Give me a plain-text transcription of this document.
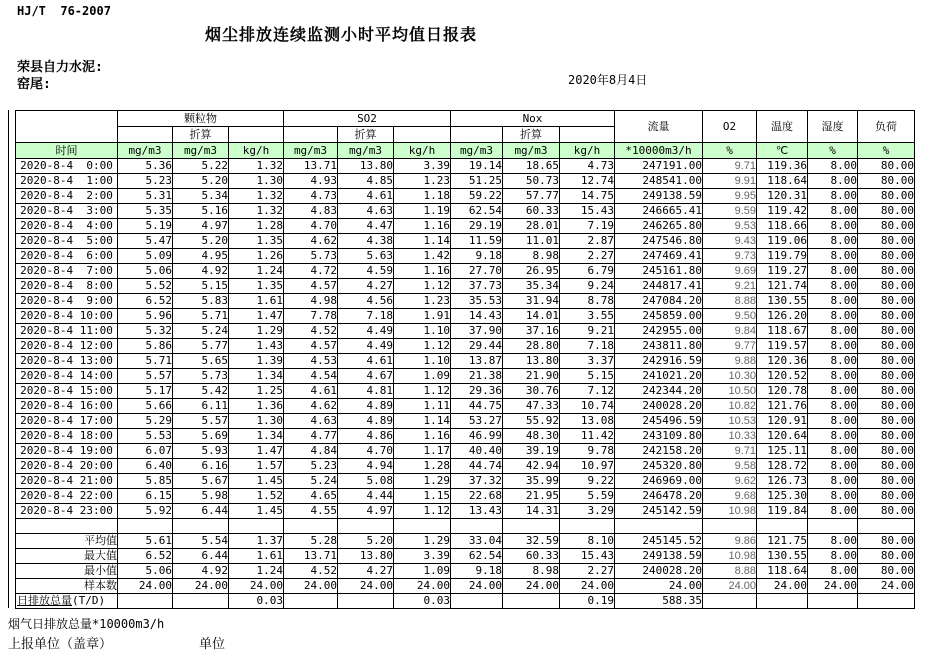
HJ/T  76-2007
烟尘排放连续监测小时平均值日报表
荣县自力水泥:
窑尾:	2020年8月4日
	颗粒物			SO2			Nox			流量	O2	温度	湿度	负荷
		折算			折算			折算						
时间	mg/m3	mg/m3	kg/h	mg/m3	mg/m3	kg/h	mg/m3	mg/m3	kg/h	*10000m3/h	%	℃	%	%
2020-8-4  0:00	5.36	5.22	1.32	13.71	13.80	3.39	19.14	18.65	4.73	247191.00	9.71	119.36	8.00	80.00
2020-8-4  1:00	5.23	5.20	1.30	4.93	4.85	1.23	51.25	50.73	12.74	248541.00	9.91	118.64	8.00	80.00
2020-8-4  2:00	5.31	5.34	1.32	4.73	4.61	1.18	59.22	57.77	14.75	249138.59	9.95	120.31	8.00	80.00
2020-8-4  3:00	5.35	5.16	1.32	4.83	4.63	1.19	62.54	60.33	15.43	246665.41	9.59	119.42	8.00	80.00
2020-8-4  4:00	5.19	4.97	1.28	4.70	4.47	1.16	29.19	28.01	7.19	246265.80	9.53	118.66	8.00	80.00
2020-8-4  5:00	5.47	5.20	1.35	4.62	4.38	1.14	11.59	11.01	2.87	247546.80	9.43	119.06	8.00	80.00
2020-8-4  6:00	5.09	4.95	1.26	5.73	5.63	1.42	9.18	8.98	2.27	247469.41	9.73	119.79	8.00	80.00
2020-8-4  7:00	5.06	4.92	1.24	4.72	4.59	1.16	27.70	26.95	6.79	245161.80	9.69	119.27	8.00	80.00
2020-8-4  8:00	5.52	5.15	1.35	4.57	4.27	1.12	37.73	35.34	9.24	244817.41	9.21	121.74	8.00	80.00
2020-8-4  9:00	6.52	5.83	1.61	4.98	4.56	1.23	35.53	31.94	8.78	247084.20	8.88	130.55	8.00	80.00
2020-8-4 10:00	5.96	5.71	1.47	7.78	7.18	1.91	14.43	14.01	3.55	245859.00	9.50	126.20	8.00	80.00
2020-8-4 11:00	5.32	5.24	1.29	4.52	4.49	1.10	37.90	37.16	9.21	242955.00	9.84	118.67	8.00	80.00
2020-8-4 12:00	5.86	5.77	1.43	4.57	4.49	1.12	29.44	28.80	7.18	243811.80	9.77	119.57	8.00	80.00
2020-8-4 13:00	5.71	5.65	1.39	4.53	4.61	1.10	13.87	13.80	3.37	242916.59	9.88	120.36	8.00	80.00
2020-8-4 14:00	5.57	5.73	1.34	4.54	4.67	1.09	21.38	21.90	5.15	241021.20	10.30	120.52	8.00	80.00
2020-8-4 15:00	5.17	5.42	1.25	4.61	4.81	1.12	29.36	30.76	7.12	242344.20	10.50	120.78	8.00	80.00
2020-8-4 16:00	5.66	6.11	1.36	4.62	4.89	1.11	44.75	47.33	10.74	240028.20	10.82	121.76	8.00	80.00
2020-8-4 17:00	5.29	5.57	1.30	4.63	4.89	1.14	53.27	55.92	13.08	245496.59	10.53	120.91	8.00	80.00
2020-8-4 18:00	5.53	5.69	1.34	4.77	4.86	1.16	46.99	48.30	11.42	243109.80	10.33	120.64	8.00	80.00
2020-8-4 19:00	6.07	5.93	1.47	4.84	4.70	1.17	40.40	39.19	9.78	242158.20	9.71	125.11	8.00	80.00
2020-8-4 20:00	6.40	6.16	1.57	5.23	4.94	1.28	44.74	42.94	10.97	245320.80	9.58	128.72	8.00	80.00
2020-8-4 21:00	5.85	5.67	1.45	5.24	5.08	1.29	37.32	35.99	9.22	246969.00	9.62	126.73	8.00	80.00
2020-8-4 22:00	6.15	5.98	1.52	4.65	4.44	1.15	22.68	21.95	5.59	246478.20	9.68	125.30	8.00	80.00
2020-8-4 23:00	5.92	6.44	1.45	4.55	4.97	1.12	13.43	14.31	3.29	245142.59	10.98	119.84	8.00	80.00

平均值	5.61	5.54	1.37	5.28	5.20	1.29	33.04	32.59	8.10	245145.52	9.86	121.75	8.00	80.00
最大值	6.52	6.44	1.61	13.71	13.80	3.39	62.54	60.33	15.43	249138.59	10.98	130.55	8.00	80.00
最小值	5.06	4.92	1.24	4.52	4.27	1.09	9.18	8.98	2.27	240028.20	8.88	118.64	8.00	80.00
样本数	24.00	24.00	24.00	24.00	24.00	24.00	24.00	24.00	24.00	24.00	24.00	24.00	24.00	24.00
日排放总量(T/D)			0.03			0.03			0.19	588.35				
烟气日排放总量*10000m3/h
上报单位（盖章）	单位
